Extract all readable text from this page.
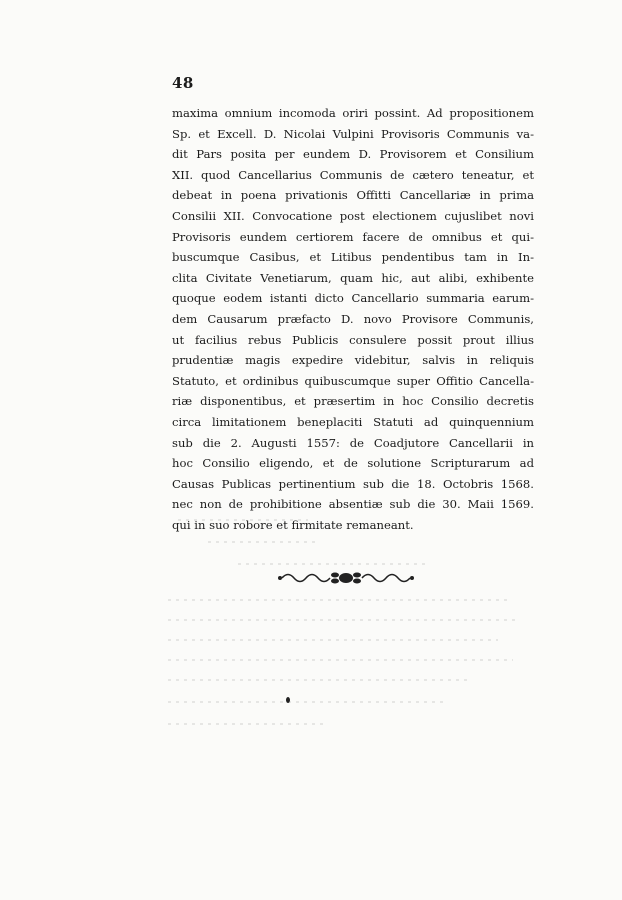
48
maxima omnium incomoda oriri possint. Ad propositionem
Sp. et Excell. D. Nicolai Vulpini Provisoris Communis va-
dit Pars posita per eundem D. Provisorem et Consilium
XII. quod Cancellarius Communis de cætero teneatur, et
debeat in poena privationis Offitti Cancellariæ in prima
Consilii XII. Convocatione post electionem cujuslibet novi
Provisoris eundem certiorem facere de omnibus et qui-
buscumque Casibus, et Litibus pendentibus tam in In-
clita Civitate Venetiarum, quam hic, aut alibi, exhibente
quoque eodem istanti dicto Cancellario summaria earum-
dem Causarum præfacto D. novo Provisore Communis,
ut facilius rebus Publicis consulere possit prout illius
prudentiæ magis expedire videbitur, salvis in reliquis
Statuto, et ordinibus quibuscumque super Offitio Cancella-
riæ disponentibus, et præsertim in hoc Consilio decretis
circa limitationem beneplaciti Statuti ad quinquennium
sub die 2. Augusti 1557: de Coadjutore Cancellarii in
hoc Consilio eligendo, et de solutione Scripturarum ad
Causas Publicas pertinentium sub die 18. Octobris 1568.
nec non de prohibitione absentiæ sub die 30. Maii 1569.
qui in suo robore et firmitate remaneant.
